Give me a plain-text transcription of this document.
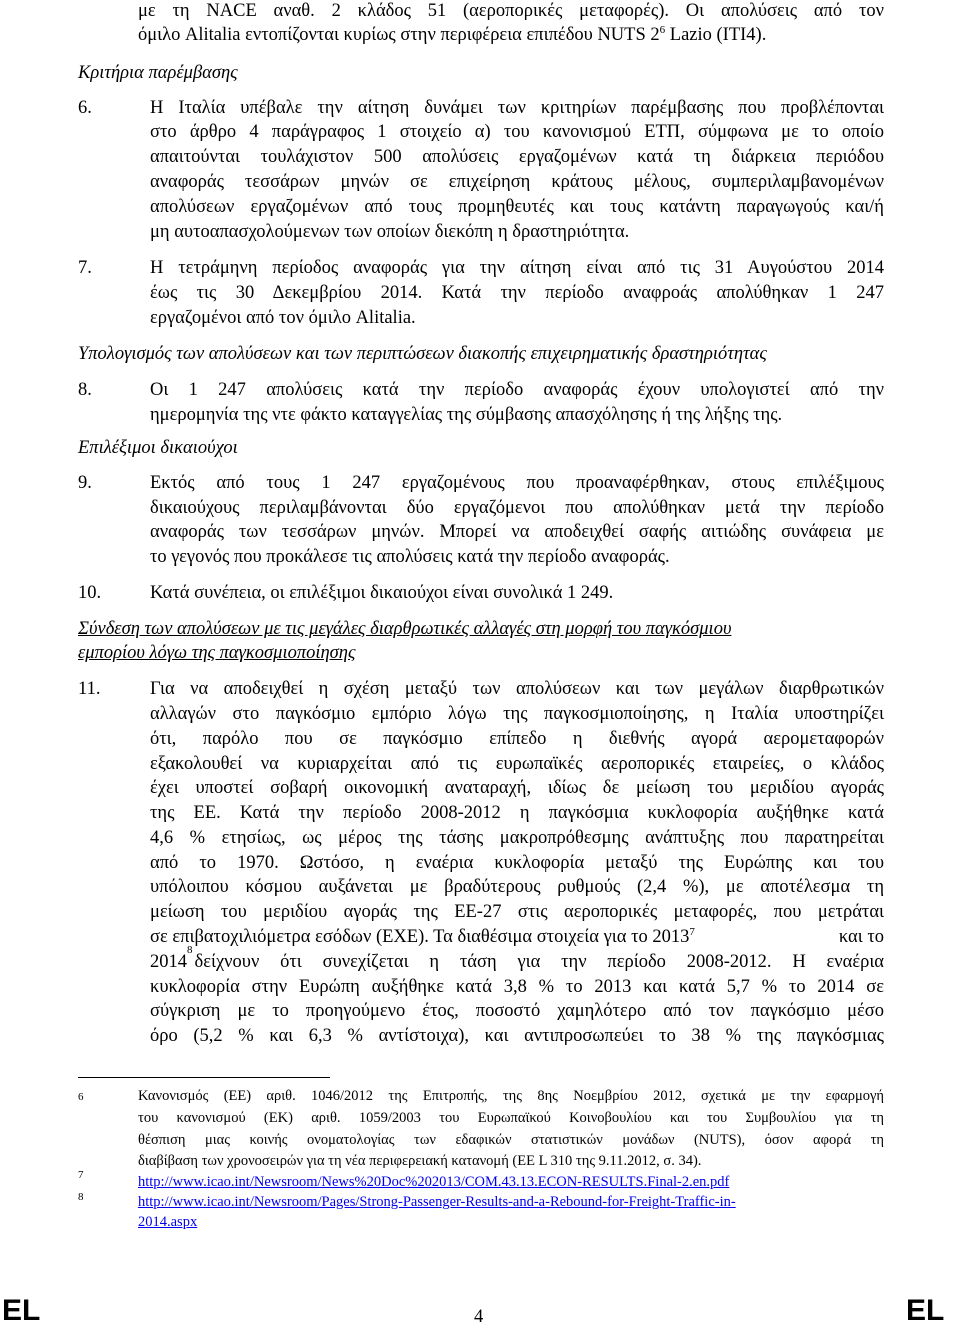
με τη NACE αναθ. 2 κλάδος 51 (αεροπορικές μεταφορές). Οι απολύσεις από τον
όμιλο Alitalia εντοπίζονται κυρίως στην περιφέρεια επιπέδου NUTS $2^6$ Lazio (ITI4).
Κριτήρια παρέμβασης
6.	Η Ιταλία υπέβαλε την αίτηση δυνάμει των κριτηρίων παρέμβασης που προβλέπονται
στο άρθρο 4 παράγραφος 1 στοιχείο α) του κανονισμού ΕΤΠ, σύμφωνα με το οποίο
απαιτούνται τουλάχιστον 500 απολύσεις εργαζομένων κατά τη διάρκεια περιόδου
αναφοράς τεσσάρων μηνών σε επιχείρηση κράτους μέλους, συμπεριλαμβανομένων
απολύσεων εργαζομένων από τους προμηθευτές και τους κατάντη παραγωγούς και/ή
μη αυτοαπασχολούμενων των οποίων διεκόπη η δραστηριότητα.
7.	Η τετράμηνη περίοδος αναφοράς για την αίτηση είναι από τις 31 Αυγούστου 2014
έως τις 30 Δεκεμβρίου 2014. Κατά την περίοδο αναφροάς απολύθηκαν 1 247
εργαζομένοι από τον όμιλο Alitalia.
Υπολογισμός των απολύσεων και των περιπτώσεων διακοπής επιχειρηματικής δραστηριότητας
8.	Οι 1 247 απολύσεις κατά την περίοδο αναφοράς έχουν υπολογιστεί από την
ημερομηνία της ντε φάκτο καταγγελίας της σύμβασης απασχόλησης ή της λήξης της.
Επιλέξιμοι δικαιούχοι
9.	Εκτός από τους 1 247 εργαζομένους που προαναφέρθηκαν, στους επιλέξιμους
δικαιούχους περιλαμβάνονται δύο εργαζόμενοι που απολύθηκαν μετά την περίοδο
αναφοράς των τεσσάρων μηνών. Μπορεί να αποδειχθεί σαφής αιτιώδης συνάφεια με
το γεγονός που προκάλεσε τις απολύσεις κατά την περίοδο αναφοράς.
10.	Κατά συνέπεια, οι επιλέξιμοι δικαιούχοι είναι συνολικά 1 249.
Σύνδεση των απολύσεων με τις μεγάλες διαρθρωτικές αλλαγές στη μορφή του παγκόσμιου
εμπορίου λόγω της παγκοσμιοποίησης
11.	Για να αποδειχθεί η σχέση μεταξύ των απολύσεων και των μεγάλων διαρθρωτικών
αλλαγών στο παγκόσμιο εμπόριο λόγω της παγκοσμιοποίησης, η Ιταλία υποστηρίζει
ότι, παρόλο που σε παγκόσμιο επίπεδο η διεθνής αγορά αερομεταφορών
εξακολουθεί να κυριαρχείται από τις ευρωπαϊκές αεροπορικές εταιρείες, ο κλάδος
έχει υποστεί σοβαρή οικονομική αναταραχή, ιδίως δε μείωση του μεριδίου αγοράς
της ΕΕ. Κατά την περίοδο 2008-2012 η παγκόσμια κυκλοφορία αυξήθηκε κατά
4,6 % ετησίως, ως μέρος της τάσης μακροπρόθεσμης ανάπτυξης που παρατηρείται
από το 1970. Ωστόσο, η εναέρια κυκλοφορία μεταξύ της Ευρώπης και του
υπόλοιπου κόσμου αυξάνεται με βραδύτερους ρυθμούς (2,4 %), με αποτέλεσμα τη
μείωση του μεριδίου αγοράς της ΕΕ-27 στις αεροπορικές μεταφορές, που μετράται
σε επιβατοχιλιόμετρα εσόδων (ΕΧΕ). Τα διαθέσιμα στοιχεία για το 2013$^7$	και το
2014
8
δείχνουν ότι συνεχίζεται η τάση για την περίοδο 2008-2012. Η εναέρια
κυκλοφορία στην Ευρώπη αυξήθηκε κατά 3,8 % το 2013 και κατά 5,7 % το 2014 σε
σύγκριση με το προηγούμενο έτος, ποσοστό χαμηλότερο από τον παγκόσμιο μέσο
όρο (5,2 % και 6,3 % αντίστοιχα), και αντιπροσωπεύει το 38 % της παγκόσμιας
6	Κανονισμός (ΕΕ) αριθ. 1046/2012 της Επιτροπής, της 8ης Νοεμβρίου 2012, σχετικά με την εφαρμογή
του κανονισμού (ΕΚ) αριθ. 1059/2003 του Ευρωπαϊκού Κοινοβουλίου και του Συμβουλίου για τη
θέσπιση μιας κοινής ονοματολογίας των εδαφικών στατιστικών μονάδων (NUTS), όσον αφορά τη
διαβίβαση των χρονοσειρών για τη νέα περιφερειακή κατανομή (ΕΕ L 310 της 9.11.2012, σ. 34).
7	http://www.icao.int/Newsroom/News%20Doc%202013/COM.43.13.ECON-RESULTS.Final-2.en.pdf
8	http://www.icao.int/Newsroom/Pages/Strong-Passenger-Results-and-a-Rebound-for-Freight-Traffic-in-
2014.aspx
EL	4	EL
